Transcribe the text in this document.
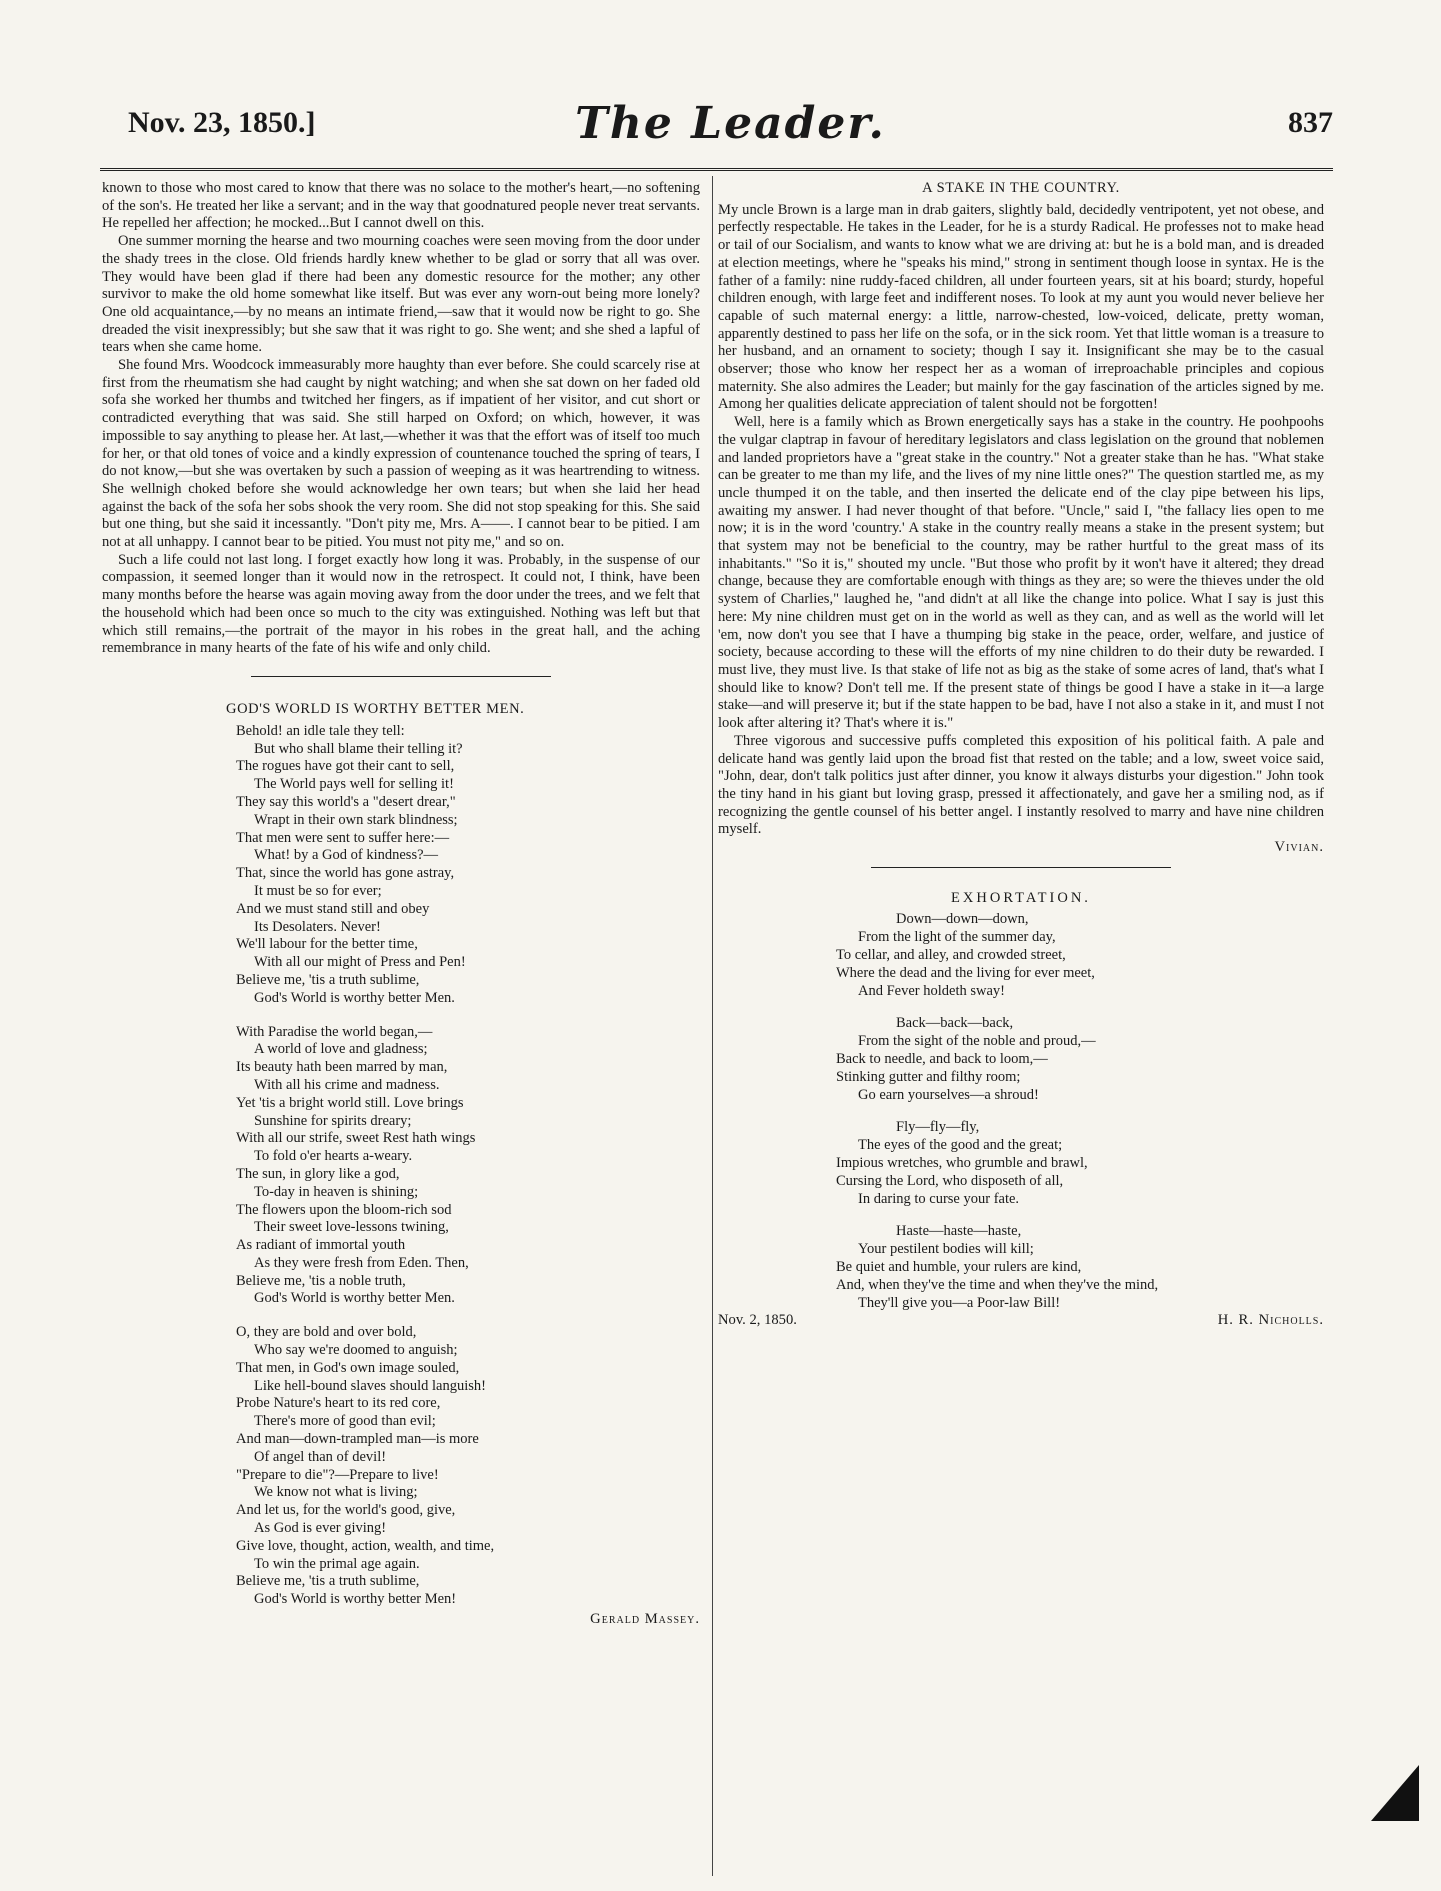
Nov. 23, 1850.]	The Leader.	837

known to those who most cared to know that there was no solace to the mother's heart,—no softening of the son's. He treated her like a servant; and in the way that goodnatured people never treat servants. He repelled her affection; he mocked...But I cannot dwell on this.

One summer morning the hearse and two mourning coaches were seen moving from the door under the shady trees in the close. Old friends hardly knew whether to be glad or sorry that all was over. They would have been glad if there had been any domestic resource for the mother; any other survivor to make the old home somewhat like itself. But was ever any worn-out being more lonely? One old acquaintance,—by no means an intimate friend,—saw that it would now be right to go. She dreaded the visit inexpressibly; but she saw that it was right to go. She went; and she shed a lapful of tears when she came home.

She found Mrs. Woodcock immeasurably more haughty than ever before. She could scarcely rise at first from the rheumatism she had caught by night watching; and when she sat down on her faded old sofa she worked her thumbs and twitched her fingers, as if impatient of her visitor, and cut short or contradicted everything that was said. She still harped on Oxford; on which, however, it was impossible to say anything to please her. At last,—whether it was that the effort was of itself too much for her, or that old tones of voice and a kindly expression of countenance touched the spring of tears, I do not know,—but she was overtaken by such a passion of weeping as it was heartrending to witness. She wellnigh choked before she would acknowledge her own tears; but when she laid her head against the back of the sofa her sobs shook the very room. She did not stop speaking for this. She said but one thing, but she said it incessantly. "Don't pity me, Mrs. A——. I cannot bear to be pitied. I am not at all unhappy. I cannot bear to be pitied. You must not pity me," and so on.

Such a life could not last long. I forget exactly how long it was. Probably, in the suspense of our compassion, it seemed longer than it would now in the retrospect. It could not, I think, have been many months before the hearse was again moving away from the door under the trees, and we felt that the household which had been once so much to the city was extinguished. Nothing was left but that which still remains,—the portrait of the mayor in his robes in the great hall, and the aching remembrance in many hearts of the fate of his wife and only child.

GOD'S WORLD IS WORTHY BETTER MEN.
Behold! an idle tale they tell:
But who shall blame their telling it?
The rogues have got their cant to sell,
The World pays well for selling it!
They say this world's a "desert drear,"
Wrapt in their own stark blindness;
That men were sent to suffer here:—
What! by a God of kindness?—
That, since the world has gone astray,
It must be so for ever;
And we must stand still and obey
Its Desolaters. Never!
We'll labour for the better time,
With all our might of Press and Pen!
Believe me, 'tis a truth sublime,
God's World is worthy better Men.
With Paradise the world began,—
A world of love and gladness;
Its beauty hath been marred by man,
With all his crime and madness.
Yet 'tis a bright world still. Love brings
Sunshine for spirits dreary;
With all our strife, sweet Rest hath wings
To fold o'er hearts a-weary.
The sun, in glory like a god,
To-day in heaven is shining;
The flowers upon the bloom-rich sod
Their sweet love-lessons twining,
As radiant of immortal youth
As they were fresh from Eden. Then,
Believe me, 'tis a noble truth,
God's World is worthy better Men.
O, they are bold and over bold,
Who say we're doomed to anguish;
That men, in God's own image souled,
Like hell-bound slaves should languish!
Probe Nature's heart to its red core,
There's more of good than evil;
And man—down-trampled man—is more
Of angel than of devil!
"Prepare to die"?—Prepare to live!
We know not what is living;
And let us, for the world's good, give,
As God is ever giving!
Give love, thought, action, wealth, and time,
To win the primal age again.
Believe me, 'tis a truth sublime,
God's World is worthy better Men!
Gerald Massey.
A STAKE IN THE COUNTRY.

My uncle Brown is a large man in drab gaiters, slightly bald, decidedly ventripotent, yet not obese, and perfectly respectable. He takes in the Leader, for he is a sturdy Radical. He professes not to make head or tail of our Socialism, and wants to know what we are driving at: but he is a bold man, and is dreaded at election meetings, where he "speaks his mind," strong in sentiment though loose in syntax. He is the father of a family: nine ruddy-faced children, all under fourteen years, sit at his board; sturdy, hopeful children enough, with large feet and indifferent noses. To look at my aunt you would never believe her capable of such maternal energy: a little, narrow-chested, low-voiced, delicate, pretty woman, apparently destined to pass her life on the sofa, or in the sick room. Yet that little woman is a treasure to her husband, and an ornament to society; though I say it. Insignificant she may be to the casual observer; those who know her respect her as a woman of irreproachable principles and copious maternity. She also admires the Leader; but mainly for the gay fascination of the articles signed by me. Among her qualities delicate appreciation of talent should not be forgotten!

Well, here is a family which as Brown energetically says has a stake in the country. He poohpoohs the vulgar claptrap in favour of hereditary legislators and class legislation on the ground that noblemen and landed proprietors have a "great stake in the country." Not a greater stake than he has. "What stake can be greater to me than my life, and the lives of my nine little ones?" The question startled me, as my uncle thumped it on the table, and then inserted the delicate end of the clay pipe between his lips, awaiting my answer. I had never thought of that before. "Uncle," said I, "the fallacy lies open to me now; it is in the word 'country.' A stake in the country really means a stake in the present system; but that system may not be beneficial to the country, may be rather hurtful to the great mass of its inhabitants." "So it is," shouted my uncle. "But those who profit by it won't have it altered; they dread change, because they are comfortable enough with things as they are; so were the thieves under the old system of Charlies," laughed he, "and didn't at all like the change into police. What I say is just this here: My nine children must get on in the world as well as they can, and as well as the world will let 'em, now don't you see that I have a thumping big stake in the peace, order, welfare, and justice of society, because according to these will the efforts of my nine children to do their duty be rewarded. I must live, they must live. Is that stake of life not as big as the stake of some acres of land, that's what I should like to know? Don't tell me. If the present state of things be good I have a stake in it—a large stake—and will preserve it; but if the state happen to be bad, have I not also a stake in it, and must I not look after altering it? That's where it is."

Three vigorous and successive puffs completed this exposition of his political faith. A pale and delicate hand was gently laid upon the broad fist that rested on the table; and a low, sweet voice said, "John, dear, don't talk politics just after dinner, you know it always disturbs your digestion." John took the tiny hand in his giant but loving grasp, pressed it affectionately, and gave her a smiling nod, as if recognizing the gentle counsel of his better angel. I instantly resolved to marry and have nine children myself.

Vivian.
EXHORTATION.
Down—down—down,
From the light of the summer day,
To cellar, and alley, and crowded street,
Where the dead and the living for ever meet,
And Fever holdeth sway!
Back—back—back,
From the sight of the noble and proud,—
Back to needle, and back to loom,—
Stinking gutter and filthy room;
Go earn yourselves—a shroud!
Fly—fly—fly,
The eyes of the good and the great;
Impious wretches, who grumble and brawl,
Cursing the Lord, who disposeth of all,
In daring to curse your fate.
Haste—haste—haste,
Your pestilent bodies will kill;
Be quiet and humble, your rulers are kind,
And, when they've the time and when they've the mind,
They'll give you—a Poor-law Bill!
Nov. 2, 1850.	H. R. Nicholls.
